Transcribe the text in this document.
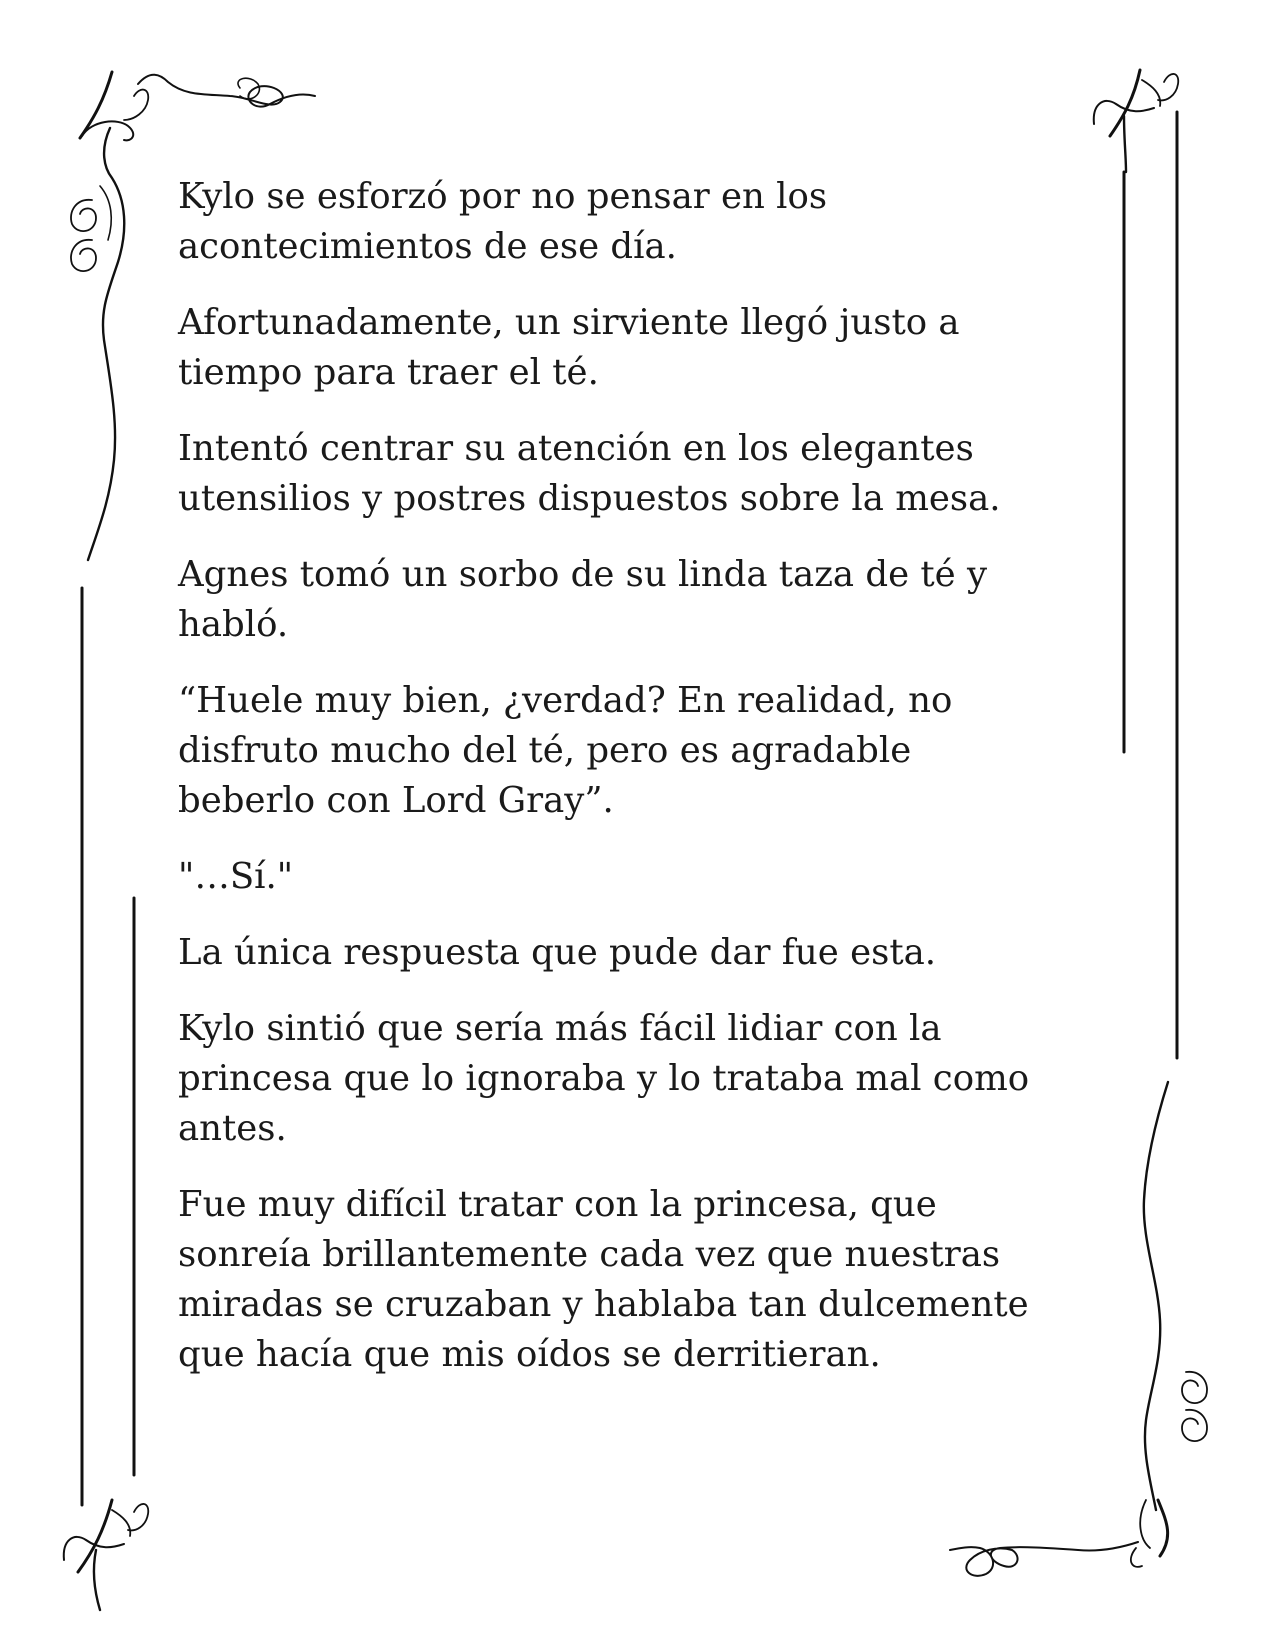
Kylo se esforzó por no pensar en los
acontecimientos de ese día.

Afortunadamente, un sirviente llegó justo a
tiempo para traer el té.

Intentó centrar su atención en los elegantes
utensilios y postres dispuestos sobre la mesa.

Agnes tomó un sorbo de su linda taza de té y
habló.

“Huele muy bien, ¿verdad? En realidad, no
disfruto mucho del té, pero es agradable
beberlo con Lord Gray”.

"…Sí."

La única respuesta que pude dar fue esta.

Kylo sintió que sería más fácil lidiar con la
princesa que lo ignoraba y lo trataba mal como
antes.

Fue muy difícil tratar con la princesa, que
sonreía brillantemente cada vez que nuestras
miradas se cruzaban y hablaba tan dulcemente
que hacía que mis oídos se derritieran.
